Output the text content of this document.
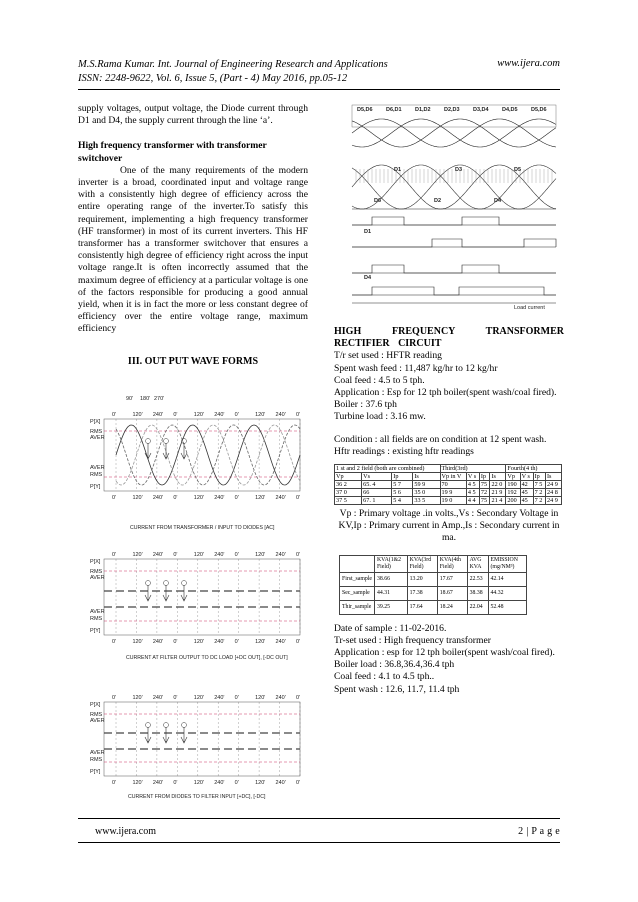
M.S.Rama Kumar. Int. Journal of Engineering Research and Applications	www.ijera.com
ISSN: 2248-9622, Vol. 6, Issue 5, (Part - 4) May 2016, pp.05-12

supply voltages, output voltage, the Diode current through D1 and D4, the supply current through the line ‘a’.

High frequency transformer with transformer switchover

One of the many requirements of the modern inverter is a broad, coordinated input and voltage range with a consistently high degree of efficiency across the entire operating range of the inverter.To satisfy this requirement, implementing a high frequency transformer (HF transformer) in most of its current inverters. This HF transformer has a transformer switchover that ensures a consistently high degree of efficiency right across the input voltage range.It is often incorrectly assumed that the maximum degree of efficiency at a particular voltage is one of the factors responsible for producing a good annual yield, when it is in fact the more or less constant degree of efficiency over the entire voltage range, maximum efficiency

III. OUT PUT WAVE FORMS

90' 180' 270'
0'
0'
120'
120'
240'
240'
0'
0'
120'
120'
240'
240'
0'
0'
120'
120'
240'
240'
0'
0'
P[X]
RMS
AVER
AVER
RMS
P[Y]
CURRENT FROM TRANSFORMER / INPUT TO DIODES [AC]
0'
0'
120'
120'
240'
240'
0'
0'
120'
120'
240'
240'
0'
0'
120'
120'
240'
240'
0'
0'
P[X]
RMS
AVER
AVER
RMS
P[Y]
CURRENT AT FILTER OUTPUT TO DC LOAD [+DC OUT], [-DC OUT]
0'
0'
120'
120'
240'
240'
0'
0'
120'
120'
240'
240'
0'
0'
120'
120'
240'
240'
0'
0'
P[X]
RMS
AVER
AVER
RMS
P[Y]
CURRENT FROM DIODES TO FILTER INPUT [+DC], [-DC]
D5,D6 D6,D1 D1,D2 D2,D3 D3,D4 D4,D5 D5,D6
D1	D3	D5
D6	D2	D4
D1
D4
Load current

HIGH FREQUENCY TRANSFORMER RECTIFIER CIRCUIT

T/r set used : HFTR reading

Spent wash feed : 11,487 kg/hr to 12 kg/hr

Coal feed : 4.5 to 5 tph.

Application : Esp for 12 tph boiler(spent wash/coal fired).

Boiler : 37.6 tph

Turbine load : 3.16 mw.

Condition : all fields are on condition at 12 spent wash.

Hftr readings : existing hftr readings

1 st and 2 field (both are combined)				Third(3rd)				Fourth(4 th)			
Vp	Vs	Ip	Is	Vp in V	V s	Ip	Is	Vp	V s	Ip	Is
36 2	65. 4	5 7	59 9	70	4 5	75	22 0	190	42	7 5	24 9
37 0	66	5 6	35 0	19 9	4 5	72	21 9	192	45	7 2	24 8
37 5	67. 1	5 4	33 5	19 0	4 4	75	21 4	200	45	7 2	24 9

Vp : Primary voltage .in volts.,Vs : Secondary Voltage in KV,Ip : Primary current in Amp.,Is : Secondary current in ma.

	KVA(1&2 Field)	KVA(3rd Field)	KVA(4th Field)	AVG KVA	EMISSION (mg/NM³)
First_sample	38.66	13.20	17.67	22.53	42.14
Sec_sample	44.31	17.38	18.67	38.38	44.32
Thir_sample	39.25	17.64	18.24	22.04	52.48

Date of sample : 11-02-2016.

Tr-set used : High frequency transformer

Application : esp for 12 tph boiler(spent wash/coal fired).

Boiler load : 36.8,36.4,36.4 tph

Coal feed : 4.1 to 4.5 tph..

Spent wash : 12.6, 11.7, 11.4 tph

www.ijera.com	2 | P a g e
